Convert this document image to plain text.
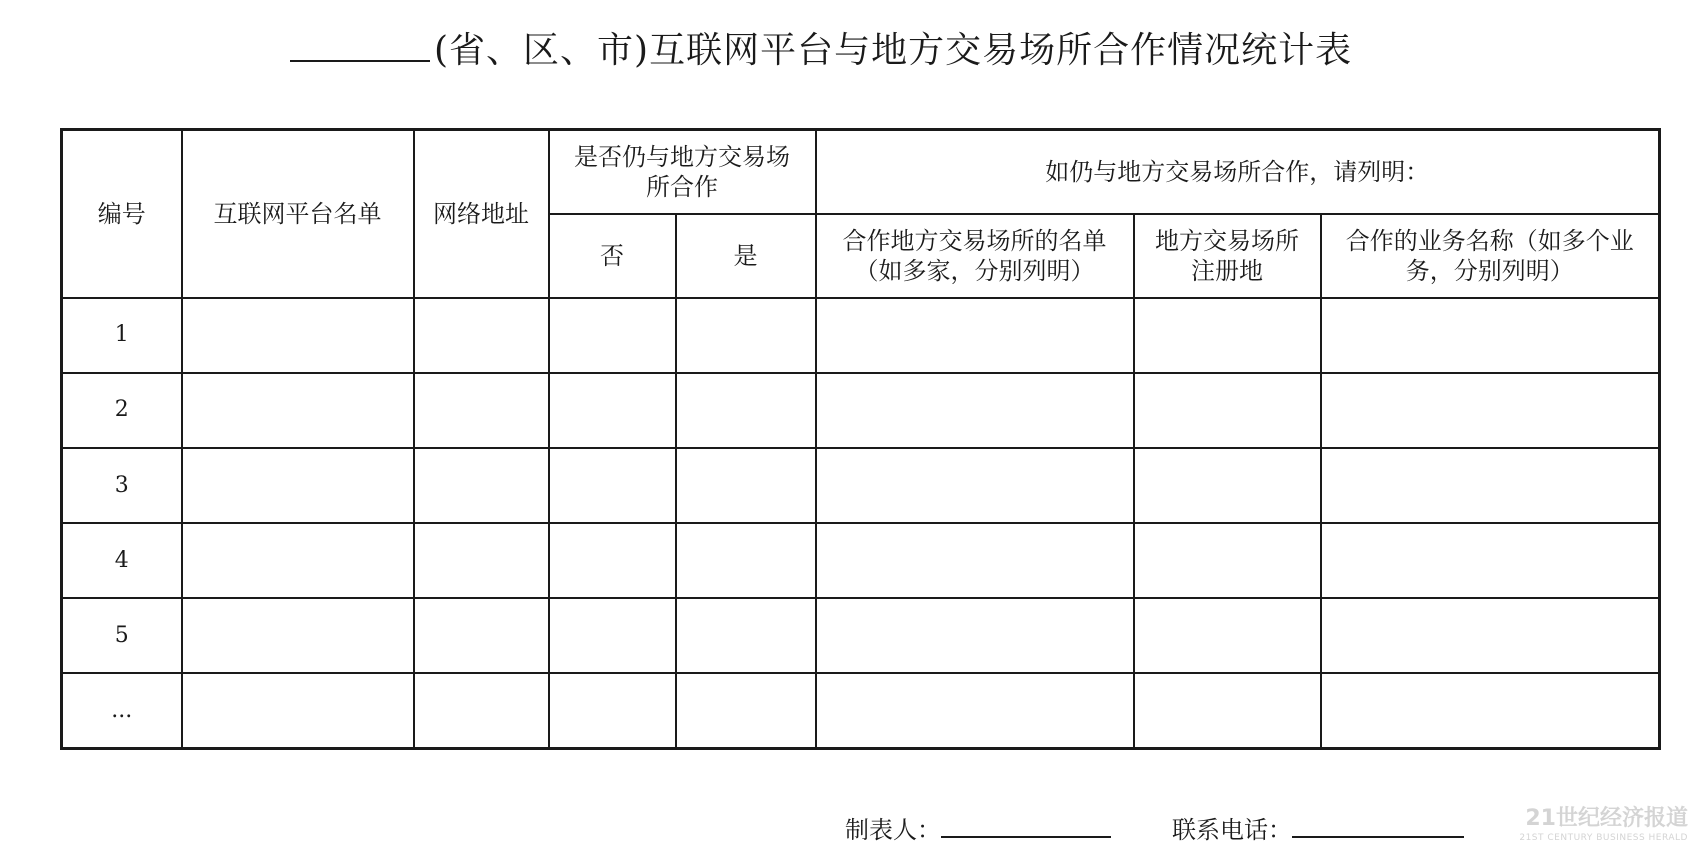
(省、区、市)互联网平台与地方交易场所合作情况统计表
编号	互联网平台名单	网络地址	是否仍与地方交易场所合作		如仍与地方交易场所合作，请列明：		
			否	是	合作地方交易场所的名单（如多家，分别列明）	地方交易场所注册地	合作的业务名称（如多个业务，分别列明）
1							
2							
3							
4							
5							
...							
制表人：	联系电话：	21世纪经济报道
21ST CENTURY BUSINESS HERALD
